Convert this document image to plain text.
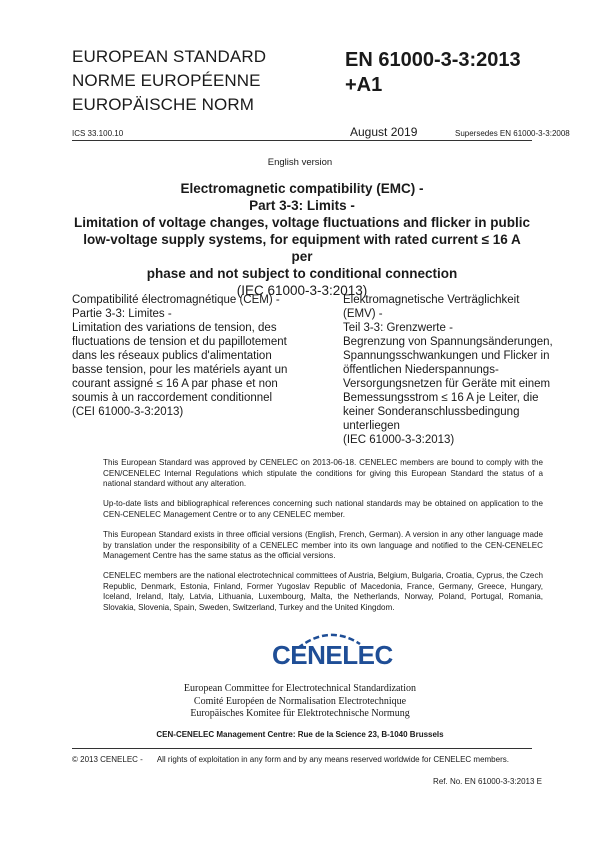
EUROPEAN STANDARD
NORME EUROPÉENNE
EUROPÄISCHE NORM
EN 61000-3-3:2013
+A1
ICS 33.100.10	August 2019	Supersedes EN 61000-3-3:2008
English version
Electromagnetic compatibility (EMC) -
Part 3-3: Limits -
Limitation of voltage changes, voltage fluctuations and flicker in public
low-voltage supply systems, for equipment with rated current ≤ 16 A per
phase and not subject to conditional connection
(IEC 61000-3-3:2013)
Compatibilité électromagnétique (CEM) -
Partie 3-3: Limites -
Limitation des variations de tension, des
fluctuations de tension et du papillotement
dans les réseaux publics d'alimentation
basse tension, pour les matériels ayant un
courant assigné ≤ 16 A par phase et non
soumis à un raccordement conditionnel
(CEI 61000-3-3:2013)
Elektromagnetische Verträglichkeit
(EMV) -
Teil 3-3: Grenzwerte -
Begrenzung von Spannungsänderungen,
Spannungsschwankungen und Flicker in
öffentlichen Niederspannungs-
Versorgungsnetzen für Geräte mit einem
Bemessungsstrom ≤ 16 A je Leiter, die
keiner Sonderanschlussbedingung
unterliegen
(IEC 61000-3-3:2013)

This European Standard was approved by CENELEC on 2013-06-18. CENELEC members are bound to comply with the CEN/CENELEC Internal Regulations which stipulate the conditions for giving this European Standard the status of a national standard without any alteration.

Up-to-date lists and bibliographical references concerning such national standards may be obtained on application to the CEN-CENELEC Management Centre or to any CENELEC member.

This European Standard exists in three official versions (English, French, German). A version in any other language made by translation under the responsibility of a CENELEC member into its own language and notified to the CEN-CENELEC Management Centre has the same status as the official versions.

CENELEC members are the national electrotechnical committees of Austria, Belgium, Bulgaria, Croatia, Cyprus, the Czech Republic, Denmark, Estonia, Finland, Former Yugoslav Republic of Macedonia, France, Germany, Greece, Hungary, Iceland, Ireland, Italy, Latvia, Lithuania, Luxembourg, Malta, the Netherlands, Norway, Poland, Portugal, Romania, Slovakia, Slovenia, Spain, Sweden, Switzerland, Turkey and the United Kingdom.

CENELEC
European Committee for Electrotechnical Standardization
Comité Européen de Normalisation Electrotechnique
Europäisches Komitee für Elektrotechnische Normung
CEN-CENELEC Management Centre: Rue de la Science 23, B-1040 Brussels
© 2013 CENELEC - All rights of exploitation in any form and by any means reserved worldwide for CENELEC members.
Ref. No. EN 61000-3-3:2013 E
